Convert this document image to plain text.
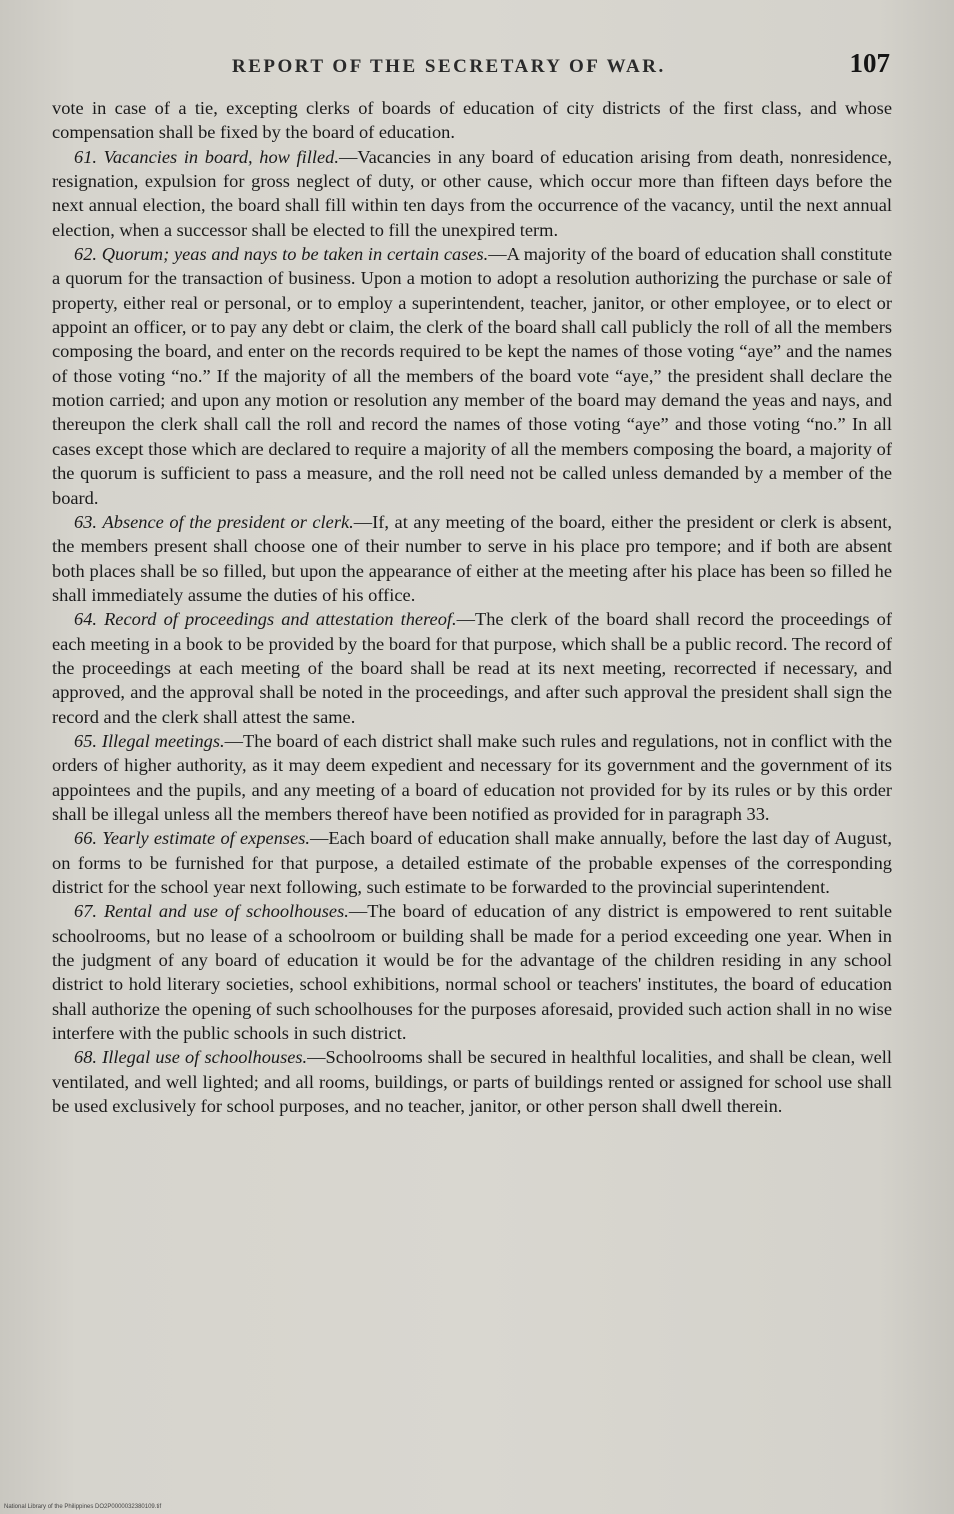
REPORT OF THE SECRETARY OF WAR.	107

vote in case of a tie, excepting clerks of boards of education of city districts of the first class, and whose compensation shall be fixed by the board of education.

61. Vacancies in board, how filled.—Vacancies in any board of education arising from death, nonresidence, resignation, expulsion for gross neglect of duty, or other cause, which occur more than fifteen days before the next annual election, the board shall fill within ten days from the occurrence of the vacancy, until the next annual election, when a successor shall be elected to fill the unexpired term.

62. Quorum; yeas and nays to be taken in certain cases.—A majority of the board of education shall constitute a quorum for the transaction of business. Upon a motion to adopt a resolution authorizing the purchase or sale of property, either real or personal, or to employ a superintendent, teacher, janitor, or other employee, or to elect or appoint an officer, or to pay any debt or claim, the clerk of the board shall call publicly the roll of all the members composing the board, and enter on the records required to be kept the names of those voting “aye” and the names of those voting “no.” If the majority of all the members of the board vote “aye,” the president shall declare the motion carried; and upon any motion or resolution any member of the board may demand the yeas and nays, and thereupon the clerk shall call the roll and record the names of those voting “aye” and those voting “no.” In all cases except those which are declared to require a majority of all the members composing the board, a majority of the quorum is sufficient to pass a measure, and the roll need not be called unless demanded by a member of the board.

63. Absence of the president or clerk.—If, at any meeting of the board, either the president or clerk is absent, the members present shall choose one of their number to serve in his place pro tempore; and if both are absent both places shall be so filled, but upon the appearance of either at the meeting after his place has been so filled he shall immediately assume the duties of his office.

64. Record of proceedings and attestation thereof.—The clerk of the board shall record the proceedings of each meeting in a book to be provided by the board for that purpose, which shall be a public record. The record of the proceedings at each meeting of the board shall be read at its next meeting, recorrected if necessary, and approved, and the approval shall be noted in the proceedings, and after such approval the president shall sign the record and the clerk shall attest the same.

65. Illegal meetings.—The board of each district shall make such rules and regulations, not in conflict with the orders of higher authority, as it may deem expedient and necessary for its government and the government of its appointees and the pupils, and any meeting of a board of education not provided for by its rules or by this order shall be illegal unless all the members thereof have been notified as provided for in paragraph 33.

66. Yearly estimate of expenses.—Each board of education shall make annually, before the last day of August, on forms to be furnished for that purpose, a detailed estimate of the probable expenses of the corresponding district for the school year next following, such estimate to be forwarded to the provincial superintendent.

67. Rental and use of schoolhouses.—The board of education of any district is empowered to rent suitable schoolrooms, but no lease of a schoolroom or building shall be made for a period exceeding one year. When in the judgment of any board of education it would be for the advantage of the children residing in any school district to hold literary societies, school exhibitions, normal school or teachers' institutes, the board of education shall authorize the opening of such schoolhouses for the purposes aforesaid, provided such action shall in no wise interfere with the public schools in such district.

68. Illegal use of schoolhouses.—Schoolrooms shall be secured in healthful localities, and shall be clean, well ventilated, and well lighted; and all rooms, buildings, or parts of buildings rented or assigned for school use shall be used exclusively for school purposes, and no teacher, janitor, or other person shall dwell therein.

National Library of the Philippines DO2P0000032380109.tif
